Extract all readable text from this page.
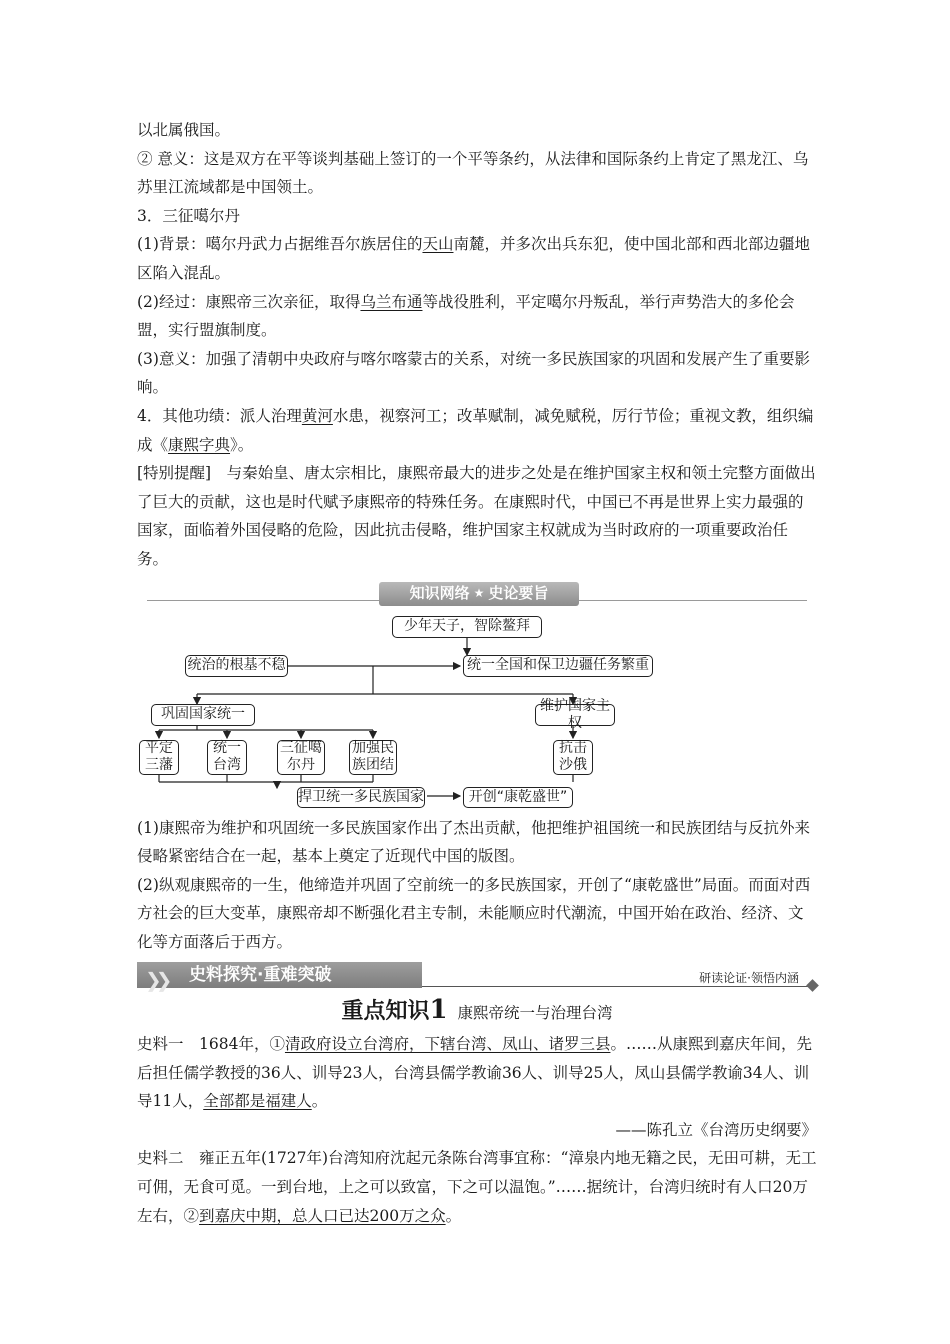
以北属俄国。

② 意义：这是双方在平等谈判基础上签订的一个平等条约，从法律和国际条约上肯定了黑龙江、乌苏里江流域都是中国领土。

3．三征噶尔丹

(1)背景：噶尔丹武力占据维吾尔族居住的天山南麓，并多次出兵东犯，使中国北部和西北部边疆地区陷入混乱。

(2)经过：康熙帝三次亲征，取得乌兰布通等战役胜利，平定噶尔丹叛乱，举行声势浩大的多伦会盟，实行盟旗制度。

(3)意义：加强了清朝中央政府与喀尔喀蒙古的关系，对统一多民族国家的巩固和发展产生了重要影响。

4．其他功绩：派人治理黄河水患，视察河工；改革赋制，减免赋税，厉行节俭；重视文教，组织编成《康熙字典》。

[特别提醒]　与秦始皇、唐太宗相比，康熙帝最大的进步之处是在维护国家主权和领土完整方面做出了巨大的贡献，这也是时代赋予康熙帝的特殊任务。在康熙时代，中国已不再是世界上实力最强的国家，面临着外国侵略的危险，因此抗击侵略，维护国家主权就成为当时政府的一项重要政治任务。

知识网络 ★ 史论要旨
少年天子，智除鳌拜
统治的根基不稳	统一全国和保卫边疆任务繁重
巩固国家统一
维护国家主权
平定
三藩
统一
台湾
三征噶
尔丹
加强民
族团结
抗击
沙俄
捍卫统一多民族国家	开创“康乾盛世”

(1)康熙帝为维护和巩固统一多民族国家作出了杰出贡献，他把维护祖国统一和民族团结与反抗外来侵略紧密结合在一起，基本上奠定了近现代中国的版图。

(2)纵观康熙帝的一生，他缔造并巩固了空前统一的多民族国家，开创了“康乾盛世”局面。而面对西方社会的巨大变革，康熙帝却不断强化君主专制，未能顺应时代潮流，中国开始在政治、经济、文化等方面落后于西方。

❯❯ 史料探究·重难突破	研读论证·领悟内涵
重点知识1 康熙帝统一与治理台湾

史料一　1684年，①清政府设立台湾府，下辖台湾、凤山、诸罗三县。……从康熙到嘉庆年间，先后担任儒学教授的36人、训导23人，台湾县儒学教谕36人、训导25人，凤山县儒学教谕34人、训导11人，全部都是福建人。

——陈孔立《台湾历史纲要》

史料二　雍正五年(1727年)台湾知府沈起元条陈台湾事宜称：“漳泉内地无籍之民，无田可耕，无工可佣，无食可觅。一到台地，上之可以致富，下之可以温饱。”……据统计，台湾归统时有人口20万左右，②到嘉庆中期，总人口已达200万之众。
